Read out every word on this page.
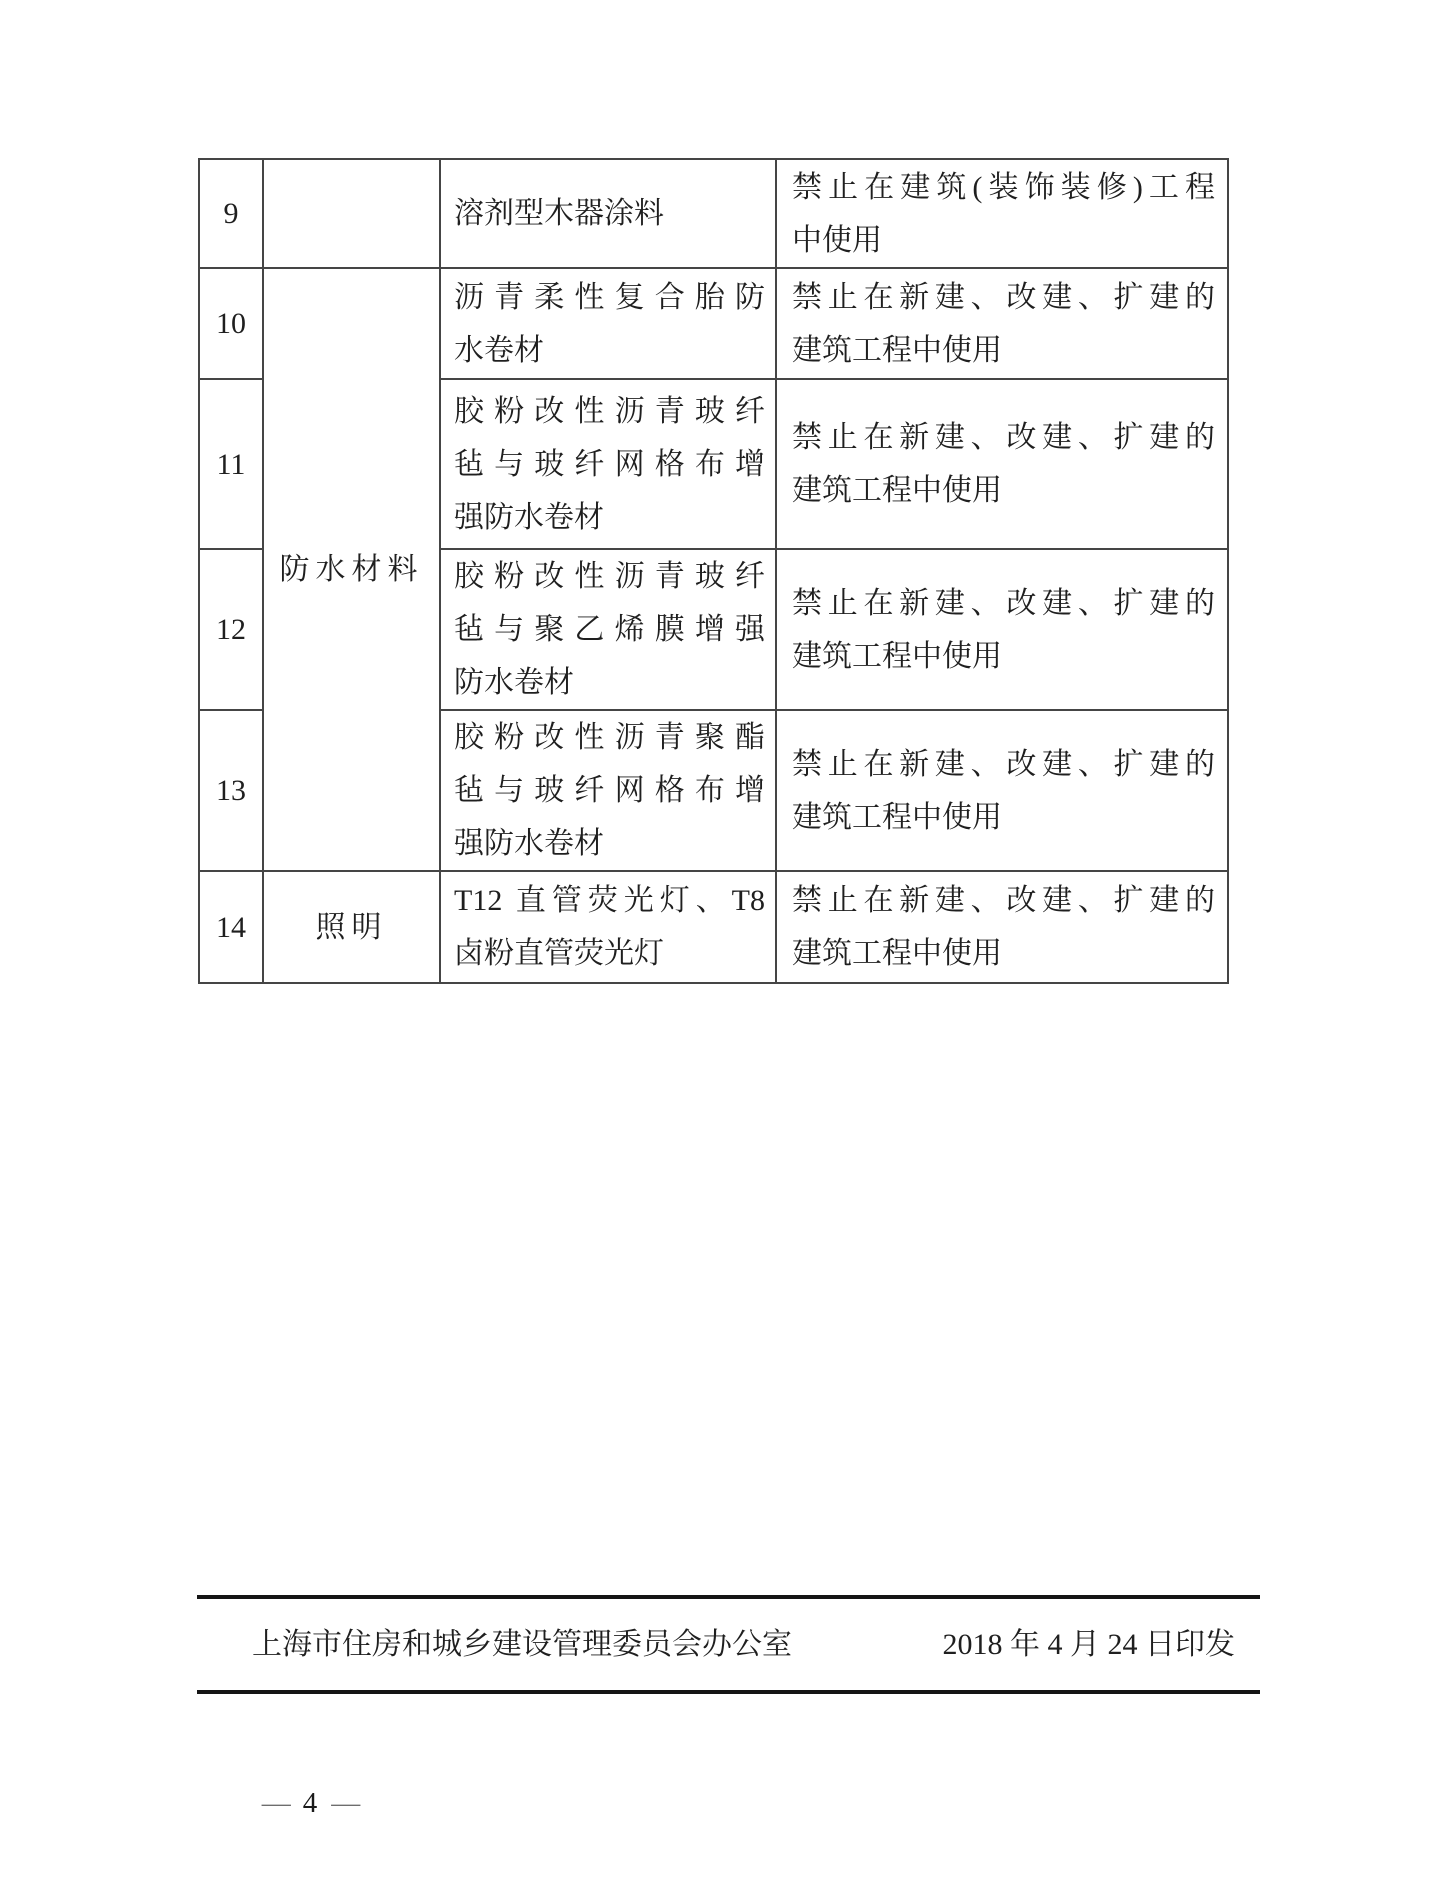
9		溶剂型木器涂料	禁止在建筑(装饰装修)工程
中使用

10	防水材料	沥青柔性复合胎防
水卷材	禁止在新建、改建、扩建的
建筑工程中使用

11		胶粉改性沥青玻纤
毡与玻纤网格布增
强防水卷材	禁止在新建、改建、扩建的
建筑工程中使用

12		胶粉改性沥青玻纤
毡与聚乙烯膜增强
防水卷材	禁止在新建、改建、扩建的
建筑工程中使用

13		胶粉改性沥青聚酯
毡与玻纤网格布增
强防水卷材	禁止在新建、改建、扩建的
建筑工程中使用

14	照明	T12 直管荧光灯、T8
卤粉直管荧光灯	禁止在新建、改建、扩建的
建筑工程中使用
上海市住房和城乡建设管理委员会办公室	2018 年 4 月 24 日印发
— 4 —
